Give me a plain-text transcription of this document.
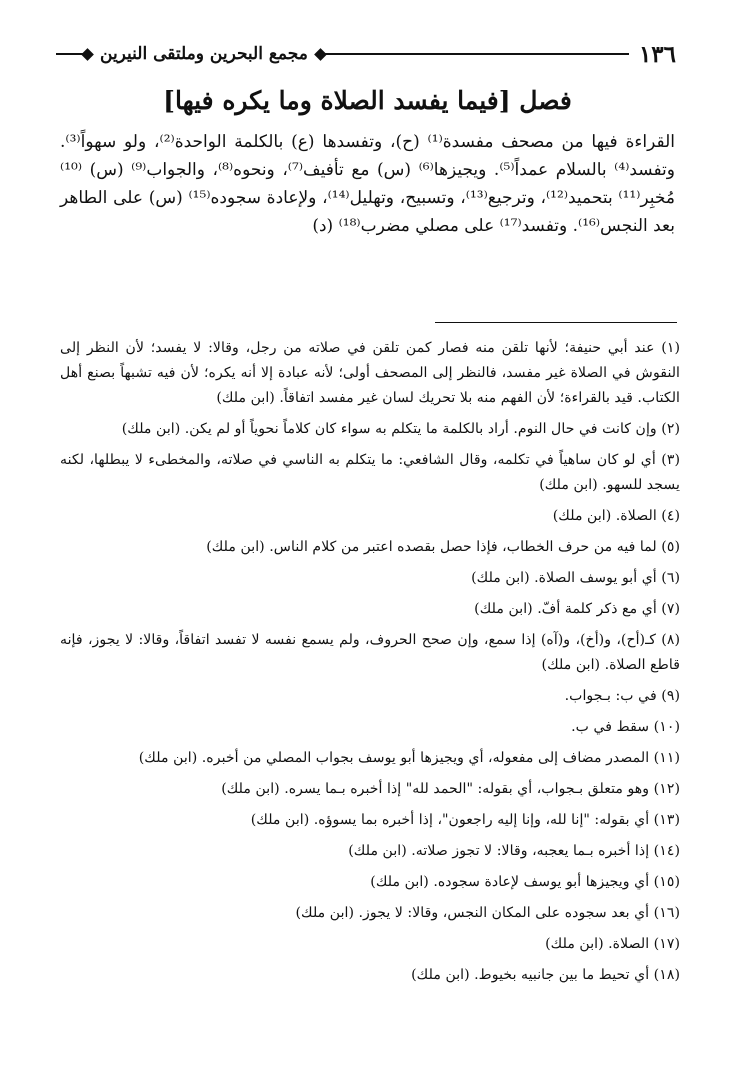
١٣٦
مجمع البحرين وملتقى النيرين
فصل [فيما يفسد الصلاة وما يكره فيها]

القراءة فيها من مصحف مفسدة⁽¹⁾ (ح)، وتفسدها (ع) بالكلمة الواحدة⁽²⁾، ولو سهواً⁽³⁾. وتفسد⁽⁴⁾ بالسلام عمداً⁽⁵⁾. ويجيزها⁽⁶⁾ (س) مع تأفيف⁽⁷⁾، ونحوه⁽⁸⁾، والجواب⁽⁹⁾ (س) ⁽¹⁰⁾ مُخبِر⁽¹¹⁾ بتحميد⁽¹²⁾، وترجيع⁽¹³⁾، وتسبيح، وتهليل⁽¹⁴⁾، ولإعادة سجوده⁽¹⁵⁾ (س) على الطاهر بعد النجس⁽¹⁶⁾. وتفسد⁽¹⁷⁾ على مصلي مضرب⁽¹⁸⁾ (د)

(١) عند أبي حنيفة؛ لأنها تلقن منه فصار كمن تلقن في صلاته من رجل، وقالا: لا يفسد؛ لأن النظر إلى النقوش في الصلاة غير مفسد، فالنظر إلى المصحف أولى؛ لأنه عبادة إلا أنه يكره؛ لأن فيه تشبهاً بصنع أهل الكتاب. قيد بالقراءة؛ لأن الفهم منه بلا تحريك لسان غير مفسد اتفاقاً. (ابن ملك)

(٢) وإن كانت في حال النوم. أراد بالكلمة ما يتكلم به سواء كان كلاماً نحوياً أو لم يكن. (ابن ملك)

(٣) أي لو كان ساهياً في تكلمه، وقال الشافعي: ما يتكلم به الناسي في صلاته، والمخطىء لا يبطلها، لكنه يسجد للسهو. (ابن ملك)

(٤) الصلاة. (ابن ملك)

(٥) لما فيه من حرف الخطاب، فإذا حصل بقصده اعتبر من كلام الناس. (ابن ملك)

(٦) أي أبو يوسف الصلاة. (ابن ملك)

(٧) أي مع ذكر كلمة أفّ. (ابن ملك)

(٨) كـ(أح)، و(أخ)، و(آه) إذا سمع، وإن صحح الحروف، ولم يسمع نفسه لا تفسد اتفاقاً، وقالا: لا يجوز، فإنه قاطع الصلاة. (ابن ملك)

(٩) في ب: بـجواب.

(١٠) سقط في ب.

(١١) المصدر مضاف إلى مفعوله، أي ويجيزها أبو يوسف بجواب المصلي من أخبره. (ابن ملك)

(١٢) وهو متعلق بـجواب، أي بقوله: "الحمد لله" إذا أخبره بـما يسره. (ابن ملك)

(١٣) أي بقوله: "إنا لله، وإنا إليه راجعون"، إذا أخبره بما يسوؤه. (ابن ملك)

(١٤) إذا أخبره بـما يعجبه، وقالا: لا تجوز صلاته. (ابن ملك)

(١٥) أي ويجيزها أبو يوسف لإعادة سجوده. (ابن ملك)

(١٦) أي بعد سجوده على المكان النجس، وقالا: لا يجوز. (ابن ملك)

(١٧) الصلاة. (ابن ملك)

(١٨) أي تحيط ما بين جانبيه بخيوط. (ابن ملك)
